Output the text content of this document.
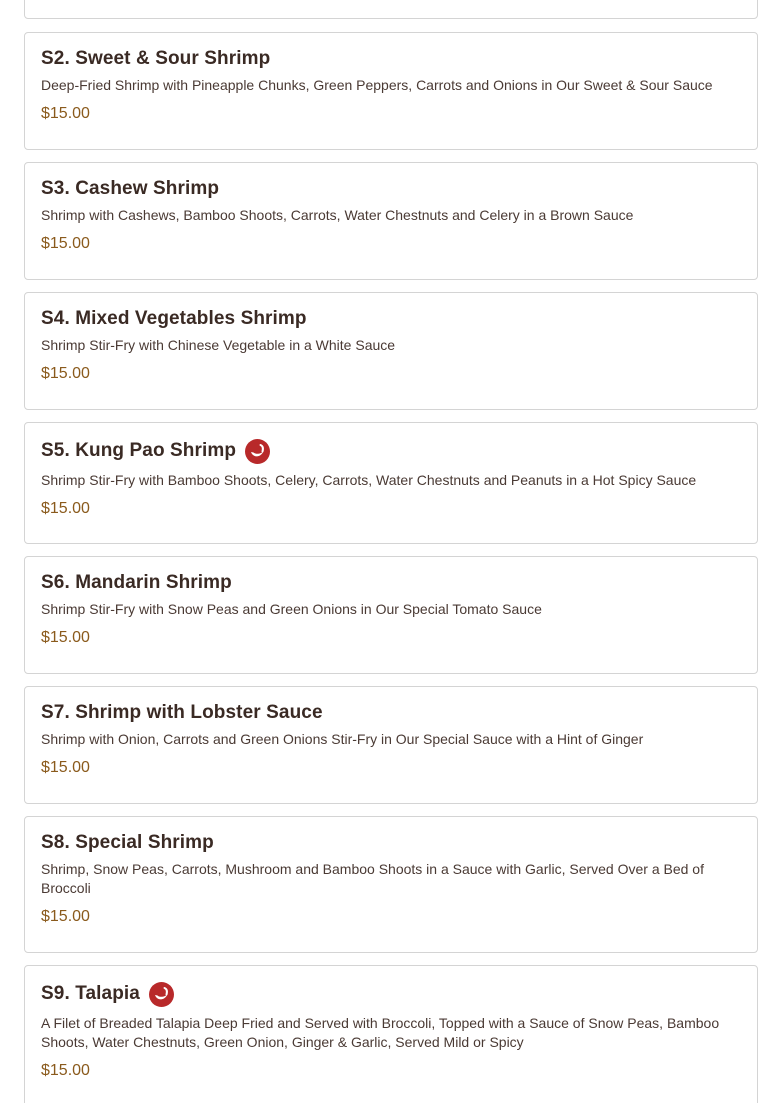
S2. Sweet & Sour Shrimp
Deep-Fried Shrimp with Pineapple Chunks, Green Peppers, Carrots and Onions in Our Sweet & Sour Sauce
$15.00
S3. Cashew Shrimp
Shrimp with Cashews, Bamboo Shoots, Carrots, Water Chestnuts and Celery in a Brown Sauce
$15.00
S4. Mixed Vegetables Shrimp
Shrimp Stir-Fry with Chinese Vegetable in a White Sauce
$15.00
S5. Kung Pao Shrimp
Shrimp Stir-Fry with Bamboo Shoots, Celery, Carrots, Water Chestnuts and Peanuts in a Hot Spicy Sauce
$15.00
S6. Mandarin Shrimp
Shrimp Stir-Fry with Snow Peas and Green Onions in Our Special Tomato Sauce
$15.00
S7. Shrimp with Lobster Sauce
Shrimp with Onion, Carrots and Green Onions Stir-Fry in Our Special Sauce with a Hint of Ginger
$15.00
S8. Special Shrimp
Shrimp, Snow Peas, Carrots, Mushroom and Bamboo Shoots in a Sauce with Garlic, Served Over a Bed of Broccoli
$15.00
S9. Talapia
A Filet of Breaded Talapia Deep Fried and Served with Broccoli, Topped with a Sauce of Snow Peas, Bamboo Shoots, Water Chestnuts, Green Onion, Ginger & Garlic, Served Mild or Spicy
$15.00
